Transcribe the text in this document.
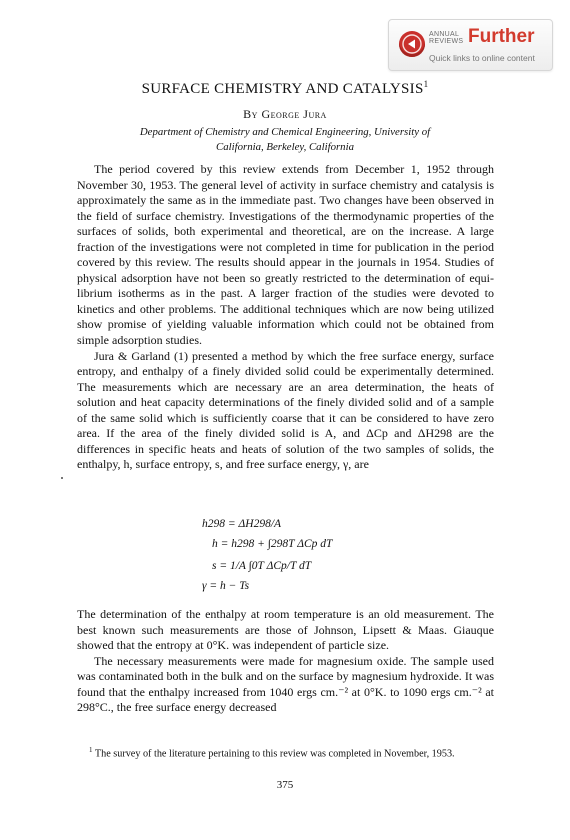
ANNUAL
REVIEWS Further
Quick links to online content
SURFACE CHEMISTRY AND CATALYSIS$^1$
By George Jura
Department of Chemistry and Chemical Engineering, University of
California, Berkeley, California

The period covered by this review extends from December 1, 1952 through November 30, 1953. The general level of activity in surface chemistry and catalysis is approximately the same as in the immediate past. Two changes have been observed in the field of surface chemistry. Investigations of the thermodynamic properties of the surfaces of solids, both experimental and theoretical, are on the increase. A large fraction of the investigations were not completed in time for publication in the period covered by this review. The results should appear in the journals in 1954. Studies of physical adsorption have not been so greatly restricted to the determination of equilibrium isotherms as in the past. A larger fraction of the studies were devoted to kinetics and other problems. The additional techniques which are now being utilized show promise of yielding valuable information which could not be obtained from simple adsorption studies.

Jura & Garland (1) presented a method by which the free surface energy, surface entropy, and enthalpy of a finely divided solid could be experimentally determined. The measurements which are necessary are an area determination, the heats of solution and heat capacity determinations of the finely divided solid and of a sample of the same solid which is sufficiently coarse that it can be considered to have zero area. If the area of the finely divided solid is A, and ΔCp and ΔH298 are the differences in specific heats and heats of solution of the two samples of solids, the enthalpy, h, surface entropy, s, and free surface energy, γ, are

h298 = ΔH298/A
h = h298 + ∫298T ΔCp dT
s = 1/A ∫0T ΔCp/T dT
γ = h − Ts

The determination of the enthalpy at room temperature is an old measurement. The best known such measurements are those of Johnson, Lipsett & Maas. Giauque showed that the entropy at 0°K. was independent of particle size.

The necessary measurements were made for magnesium oxide. The sample used was contaminated both in the bulk and on the surface by magnesium hydroxide. It was found that the enthalpy increased from 1040 ergs cm.⁻² at 0°K. to 1090 ergs cm.⁻² at 298°C., the free surface energy decreased

$^1$ The survey of the literature pertaining to this review was completed in November, 1953.

375
